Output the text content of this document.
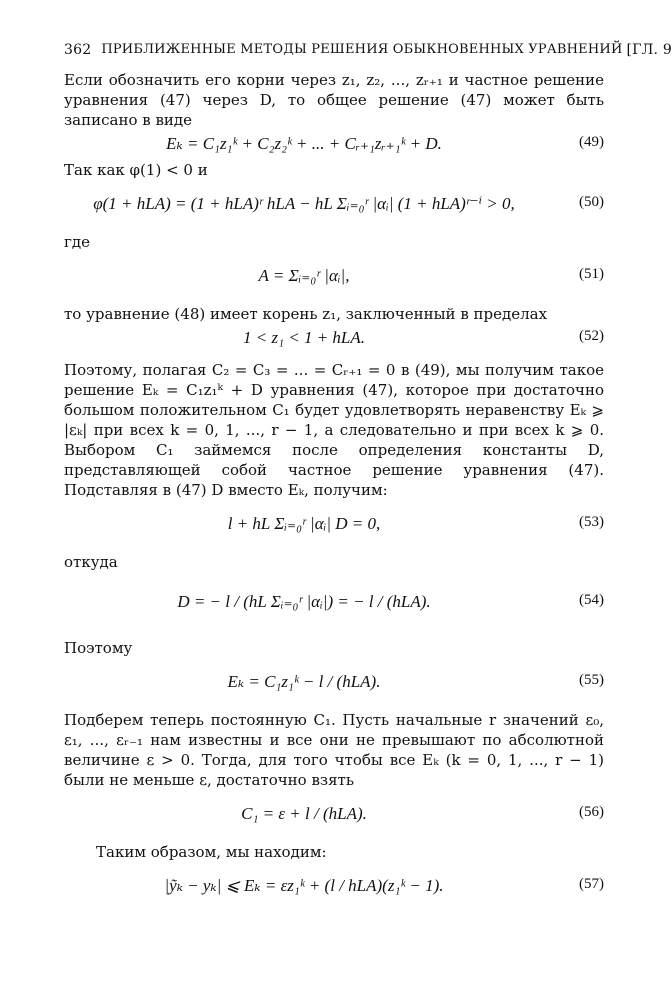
362 ПРИБЛИЖЕННЫЕ МЕТОДЫ РЕШЕНИЯ ОБЫКНОВЕННЫХ УРАВНЕНИЙ [ГЛ. 9

Если обозначить его корни через z₁, z₂, ..., zᵣ₊₁ и частное решение уравнения (47) через D, то общее решение (47) может быть записано в виде

Eₖ = C₁z₁ᵏ + C₂z₂ᵏ + ... + Cᵣ₊₁zᵣ₊₁ᵏ + D.	(49)

Так как φ(1) < 0 и

φ(1 + hLA) = (1 + hLA)ʳ hLA − hL Σᵢ₌₀ʳ |αᵢ| (1 + hLA)ʳ⁻ⁱ > 0,	(50)

где

A = Σᵢ₌₀ʳ |αᵢ|,	(51)

то уравнение (48) имеет корень z₁, заключенный в пределах

1 < z₁ < 1 + hLA.	(52)

Поэтому, полагая C₂ = C₃ = ... = Cᵣ₊₁ = 0 в (49), мы получим такое решение Eₖ = C₁z₁ᵏ + D уравнения (47), которое при достаточно большом положительном C₁ будет удовлетворять неравенству Eₖ ⩾ |εₖ| при всех k = 0, 1, ..., r − 1, а следовательно и при всех k ⩾ 0. Выбором C₁ займемся после определения константы D, представляющей собой частное решение уравнения (47). Подставляя в (47) D вместо Eₖ, получим:

l + hL Σᵢ₌₀ʳ |αᵢ| D = 0,	(53)

откуда

D = − l / (hL Σᵢ₌₀ʳ |αᵢ|) = − l / (hLA).	(54)

Поэтому

Eₖ = C₁z₁ᵏ − l / (hLA).	(55)

Подберем теперь постоянную C₁. Пусть начальные r значений ε₀, ε₁, ..., εᵣ₋₁ нам известны и все они не превышают по абсолютной величине ε > 0. Тогда, для того чтобы все Eₖ (k = 0, 1, ..., r − 1) были не меньше ε, достаточно взять

C₁ = ε + l / (hLA).	(56)

Таким образом, мы находим:

|ỹₖ − yₖ| ⩽ Eₖ = εz₁ᵏ + (l / hLA)(z₁ᵏ − 1).	(57)
